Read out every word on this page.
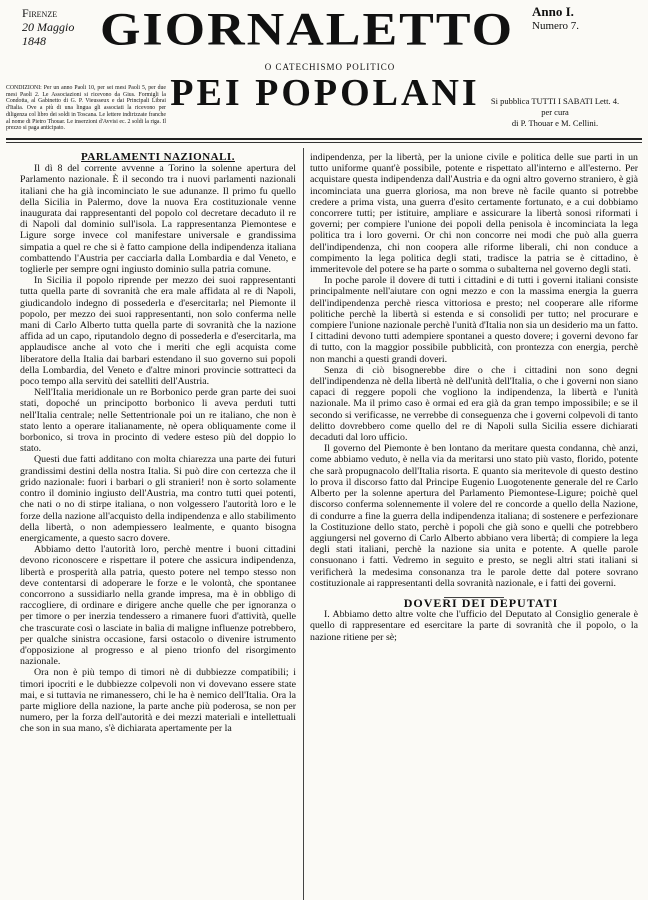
Firenze
20 Maggio
1848	GIORNALETTO
O CATECHISMO POLITICO
PEI POPOLANI
Anno I.
Numero 7.
Si pubblica TUTTI I SABATI Lett. 4.
per cura
di P. Thouar e M. Cellini.
CONDIZIONI: Per un anno Paoli 10, per sei mesi Paoli 5, per due mesi Paoli 2. Le Associazioni si ricevono da Gius. Formigli la Condotta, al Gabinetto di G. P. Vieusseux e dai Principali Librai d'Italia. Ove a più di una lingua gli associati la ricevono per diligenza col libro dei soldi in Toscana. Le lettere indirizzate franche al nome di Pietro Thouar. Le inserzioni d'Avvisi ec. 2 soldi la riga. Il prezzo si paga anticipato.

PARLAMENTI NAZIONALI.

Il dì 8 del corrente avvenne a Torino la solenne apertura del Parlamento nazionale. È il secondo tra i nuovi parlamenti nazionali italiani che ha già incominciato le sue adunanze. Il primo fu quello della Sicilia in Palermo, dove la nuova Era costituzionale venne inaugurata dai rappresentanti del popolo col decretare decaduto il re di Napoli dal dominio sull'isola. La rappresentanza Piemontese e Ligure sorge invece col manifestare universale e grandissima simpatia a quel re che si è fatto campione della indipendenza italiana combattendo l'Austria per cacciarla dalla Lombardia e dal Veneto, e toglierle per sempre ogni ingiusto dominio sulla patria comune.

In Sicilia il popolo riprende per mezzo dei suoi rappresentanti tutta quella parte di sovranità che era male affidata al re di Napoli, giudicandolo indegno di possederla e d'esercitarla; nel Piemonte il popolo, per mezzo dei suoi rappresentanti, non solo conferma nelle mani di Carlo Alberto tutta quella parte di sovranità che la nazione affida ad un capo, riputandolo degno di possederla e d'esercitarla, ma applaudisce anche al voto che i meriti che egli acquista come liberatore della Italia dai barbari estendano il suo governo sui popoli della Lombardia, del Veneto e d'altre minori provincie sottratteci da poco tempo alla servitù dei satelliti dell'Austria.

Nell'Italia meridionale un re Borbonico perde gran parte dei suoi stati, dopoché un principotto borbonico li aveva perduti tutti nell'Italia centrale; nelle Settentrionale poi un re italiano, che non è stato lento a operare italianamente, nè opera obliquamente come il borbonico, si trova in procinto di vedere esteso più del doppio lo stato.

Questi due fatti additano con molta chiarezza una parte dei futuri grandissimi destini della nostra Italia. Si può dire con certezza che il grido nazionale: fuori i barbari o gli stranieri! non è sorto solamente contro il dominio ingiusto dell'Austria, ma contro tutti quei potenti, che nati o no di stirpe italiana, o non volgessero l'autorità loro e le forze della nazione all'acquisto della indipendenza e allo stabilimento della libertà, o non adempiessero lealmente, e quanto bisogna energicamente, a questo sacro dovere.

Abbiamo detto l'autorità loro, perchè mentre i buoni cittadini devono riconoscere e rispettare il potere che assicura indipendenza, libertà e prosperità alla patria, questo potere nel tempo stesso non deve contentarsi di adoperare le forze e le volontà, che spontanee concorrono a sussidiarlo nella grande impresa, ma è in obbligo di raccogliere, di ordinare e dirigere anche quelle che per ignoranza o per timore o per inerzia tendessero a rimanere fuori d'attività, quelle che trascurate così o lasciate in balìa di maligne influenze potrebbero, per qualche sinistra occasione, farsi ostacolo o divenire istrumento d'opposizione al progresso e al pieno trionfo del risorgimento nazionale.

Ora non è più tempo di timori nè di dubbiezze compatibili; i timori ipocriti e le dubbiezze colpevoli non vi dovevano essere state mai, e si tuttavia ne rimanessero, chi le ha è nemico dell'Italia. Ora la parte migliore della nazione, la parte anche più poderosa, se non per numero, per la forza dell'autorità e dei mezzi materiali e intellettuali che son in sua mano, s'è dichiarata apertamente per la

indipendenza, per la libertà, per la unione civile e politica delle sue parti in un tutto uniforme quant'è possibile, potente e rispettato all'interno e all'esterno. Per acquistare questa indipendenza dall'Austria e da ogni altro governo straniero, è già incominciata una guerra gloriosa, ma non breve nè facile quanto si potrebbe credere a prima vista, una guerra d'esito certamente fortunato, e a cui dobbiamo concorrere tutti; per istituire, ampliare e assicurare la libertà sonosi riformati i governi; per compiere l'unione dei popoli della penisola è incominciata la lega politica tra i loro governi. Or chi non concorre nei modi che può alla guerra dell'indipendenza, chi non coopera alle riforme liberali, chi non conduce a compimento la lega politica degli stati, tradisce la patria se è cittadino, è immeritevole del potere se ha parte o somma o subalterna nel governo degli stati.

In poche parole il dovere di tutti i cittadini e di tutti i governi italiani consiste principalmente nell'aiutare con ogni mezzo e con la massima energia la guerra dell'indipendenza perchè riesca vittoriosa e presto; nel cooperare alle riforme politiche perchè la libertà si estenda e si consolidi per tutto; nel procurare e compiere l'unione nazionale perchè l'unità d'Italia non sia un desiderio ma un fatto. I cittadini devono tutti adempiere spontanei a questo dovere; i governi devono far di tutto, con la maggior possibile pubblicità, con prontezza con energia, perchè non manchi a questi grandi doveri.

Senza di ciò bisognerebbe dire o che i cittadini non sono degni dell'indipendenza nè della libertà nè dell'unità dell'Italia, o che i governi non siano capaci di reggere popoli che vogliono la indipendenza, la libertà e l'unità nazionale. Ma il primo caso è ormai ed era già da gran tempo impossibile; e se il secondo si verificasse, ne verrebbe di conseguenza che i governi colpevoli di tanto delitto dovrebbero come quello del re di Napoli sulla Sicilia essere dichiarati decaduti dal loro ufficio.

Il governo del Piemonte è ben lontano da meritare questa condanna, chè anzi, come abbiamo veduto, è nella via da meritarsi uno stato più vasto, florido, potente che sarà propugnacolo dell'Italia risorta. E quanto sia meritevole di questo destino lo prova il discorso fatto dal Principe Eugenio Luogotenente generale del re Carlo Alberto per la solenne apertura del Parlamento Piemontese-Ligure; poichè quel discorso conferma solennemente il volere del re concorde a quello della Nazione, di condurre a fine la guerra della indipendenza italiana; di sostenere e perfezionare la Costituzione dello stato, perchè i popoli che già sono e quelli che potrebbero aggiungersi nel governo di Carlo Alberto abbiano vera libertà; di compiere la lega degli stati italiani, perchè la nazione sia unita e potente. A quelle parole consuonano i fatti. Vedremo in seguito e presto, se negli altri stati italiani si verificherà la medesima consonanza tra le parole dette dal potere sovrano costituzionale ai rappresentanti della sovranità nazionale, e i fatti dei governi.

DOVERI DEI DEPUTATI

I. Abbiamo detto altre volte che l'ufficio del Deputato al Consiglio generale è quello di rappresentare ed esercitare la parte di sovranità che il popolo, o la nazione ritiene per sè;
